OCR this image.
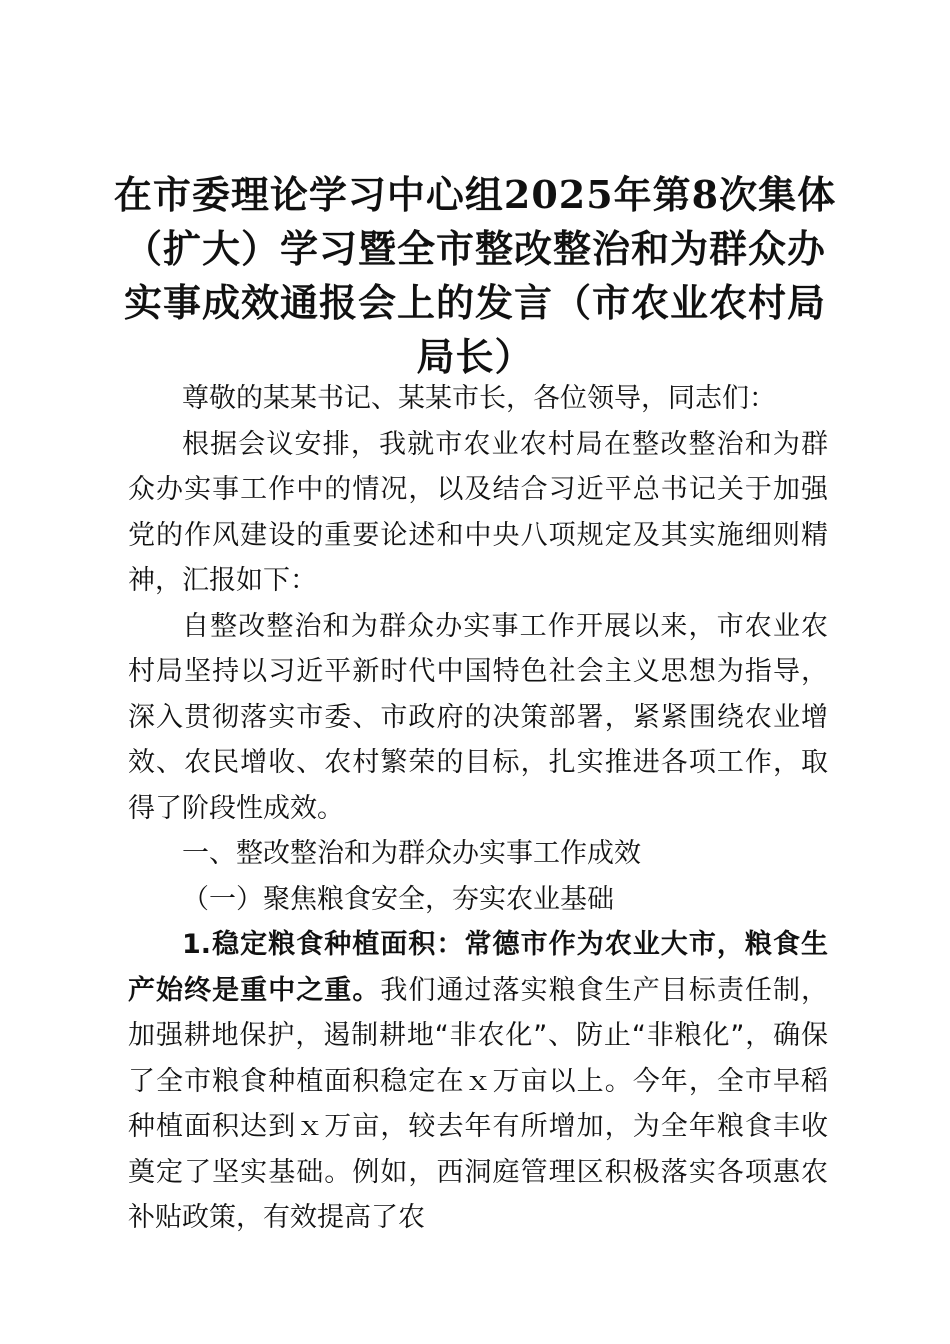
在市委理论学习中心组2025年第8次集体（扩大）学习暨全市整改整治和为群众办实事成效通报会上的发言（市农业农村局局长）

尊敬的某某书记、某某市长，各位领导，同志们：

根据会议安排，我就市农业农村局在整改整治和为群众办实事工作中的情况，以及结合习近平总书记关于加强党的作风建设的重要论述和中央八项规定及其实施细则精神，汇报如下：

自整改整治和为群众办实事工作开展以来，市农业农村局坚持以习近平新时代中国特色社会主义思想为指导，深入贯彻落实市委、市政府的决策部署，紧紧围绕农业增效、农民增收、农村繁荣的目标，扎实推进各项工作，取得了阶段性成效。

一、整改整治和为群众办实事工作成效

（一）聚焦粮食安全，夯实农业基础

1.稳定粮食种植面积：常德市作为农业大市，粮食生产始终是重中之重。我们通过落实粮食生产目标责任制，加强耕地保护，遏制耕地“非农化”、防止“非粮化”，确保了全市粮食种植面积稳定在ｘ万亩以上。今年，全市早稻种植面积达到ｘ万亩，较去年有所增加，为全年粮食丰收奠定了坚实基础。例如，西洞庭管理区积极落实各项惠农补贴政策，有效提高了农
